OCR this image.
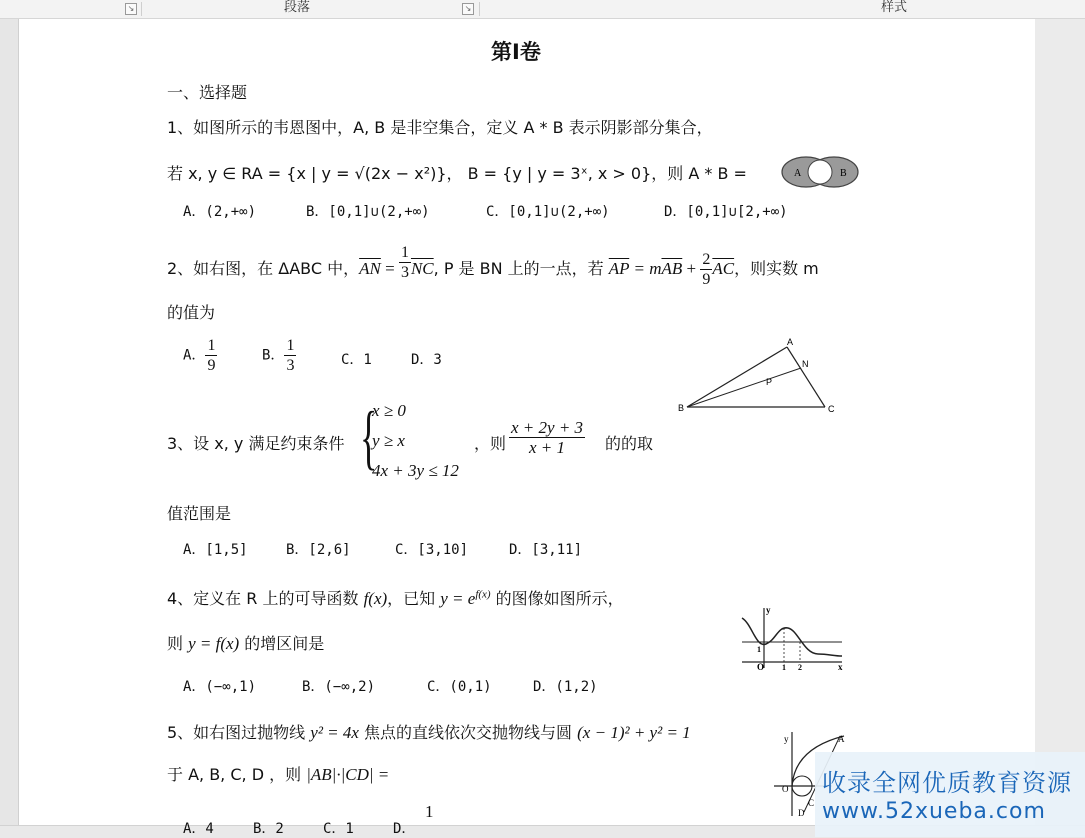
↘	段落	↘	样式
第Ⅰ卷
一、选择题
1、如图所示的韦恩图中，A, B 是非空集合，定义 A * B 表示阴影部分集合，
若 x, y ∈ RA = {x | y = √(2x − x²)}， B = {y | y = 3ˣ, x > 0}，则 A * B =	A	B
A．(2,+∞)	B．[0,1]∪(2,+∞)	C．[0,1]∪(2,+∞)	D．[0,1]∪[2,+∞)
2、如右图，在 ΔABC 中，$\overline{AN} = \frac{1}{3} \overline{NC}$, P 是 BN 上的一点，若 $\overline{AP} = m\overline{AB} + \frac{2}{9} \overline{AC}$，则实数 m
的值为
A． $\frac{1}{9}$	B． $\frac{1}{3}$	C．1	D．3
A
N
P
B	C
3、设 x, y 满足约束条件 {
x ≥ 0
y ≥ x
4x + 3y ≤ 12
，则 $\frac{x + 2y + 3}{x + 1}$ 的的取
值范围是
A．[1,5]	B．[2,6]	C．[3,10]	D．[3,11]
4、定义在 R 上的可导函数 f(x)，已知 $y = e^{f(x)}$ 的图像如图所示，
则 y = f(x) 的增区间是
y
x
O 1 2
1
A．(−∞,1)	B．(−∞,2)	C．(0,1)	D．(1,2)
5、如右图过抛物线 y² = 4x 焦点的直线依次交抛物线与圆 (x − 1)² + y² = 1
于 A, B, C, D ，则 |AB|·|CD| =
y
O
A
C
D
A．4	B．2	C．1	D．
1
收录全网优质教育资源
www.52xueba.com
